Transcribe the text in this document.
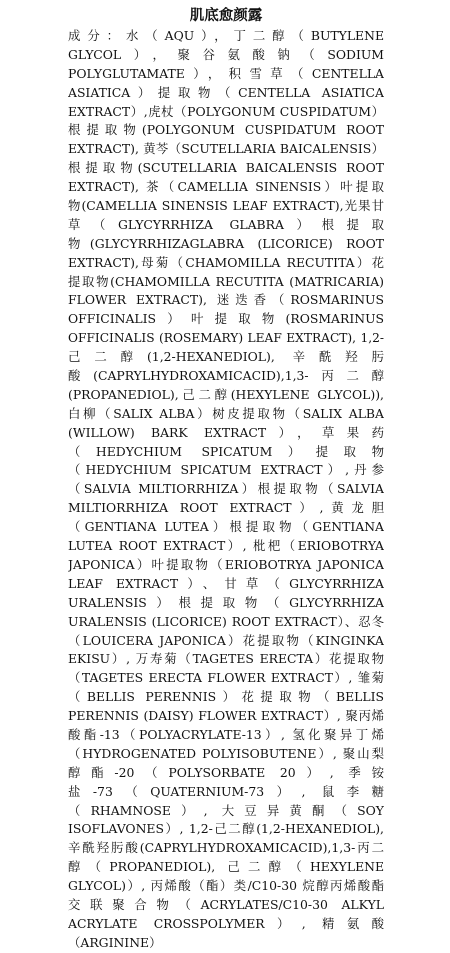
肌底愈颜露
成分：水（AQU），丁二醇（BUTYLENE
GLYCOL），聚谷氨酸钠（SODIUM
POLYGLUTAMATE），积雪草（CENTELLA
ASIATICA）提取物（CENTELLA ASIATICA
EXTRACT）,虎杖（POLYGONUM CUSPIDATUM）
根提取物(POLYGONUM CUSPIDATUM ROOT
EXTRACT), 黄芩（SCUTELLARIA BAICALENSIS）
根提取物(SCUTELLARIA BAICALENSIS ROOT
EXTRACT), 茶（CAMELLIA SINENSIS）叶提取
物(CAMELLIA SINENSIS LEAF EXTRACT),光果甘
草（GLYCYRRHIZA GLABRA）根提取
物(GLYCYRRHIZAGLABRA (LICORICE) ROOT
EXTRACT),母菊（CHAMOMILLA RECUTITA）花
提取物(CHAMOMILLA RECUTITA (MATRICARIA)
FLOWER EXTRACT), 迷迭香（ROSMARINUS
OFFICINALIS）叶提取物(ROSMARINUS
OFFICINALIS (ROSEMARY) LEAF EXTRACT), 1,2-
己二醇(1,2-HEXANEDIOL), 辛酰羟肟
酸(CAPRYLHYDROXAMICACID),1,3-丙二醇
(PROPANEDIOL),己二醇(HEXYLENE GLYCOL)),
白柳（SALIX ALBA）树皮提取物（SALIX ALBA
(WILLOW) BARK EXTRACT），草果药
（HEDYCHIUM SPICATUM）提取物
（HEDYCHIUM SPICATUM EXTRACT）,丹参
（SALVIA MILTIORRHIZA）根提取物（SALVIA
MILTIORRHIZA ROOT EXTRACT）,黄龙胆
（GENTIANA LUTEA）根提取物（GENTIANA
LUTEA ROOT EXTRACT）, 枇杷（ERIOBOTRYA
JAPONICA）叶提取物（ERIOBOTRYA JAPONICA
LEAF EXTRACT）、甘草（GLYCYRRHIZA
URALENSIS）根提取物（GLYCYRRHIZA
URALENSIS (LICORICE) ROOT EXTRACT）、忍冬
（LOUICERA JAPONICA）花提取物（KINGINKA
EKISU）, 万寿菊（TAGETES ERECTA）花提取物
（TAGETES ERECTA FLOWER EXTRACT）, 雏菊
（BELLIS PERENNIS）花提取物（BELLIS
PERENNIS (DAISY) FLOWER EXTRACT）, 聚丙烯
酸酯-13（POLYACRYLATE-13）, 氢化聚异丁烯
（HYDROGENATED POLYISOBUTENE）, 聚山梨
醇酯-20（POLYSORBATE 20）, 季铵
盐-73（QUATERNIUM-73）, 鼠李糖
（RHAMNOSE）, 大豆异黄酮（SOY
ISOFLAVONES）, 1,2-己二醇(1,2-HEXANEDIOL),
辛酰羟肟酸(CAPRYLHYDROXAMICACID),1,3-丙二
醇（PROPANEDIOL), 己二醇（HEXYLENE
GLYCOL)）, 丙烯酸（酯）类/C10-30 烷醇丙烯酸酯
交联聚合物（ACRYLATES/C10-30 ALKYL
ACRYLATE CROSSPOLYMER）, 精氨酸
（ARGININE）
